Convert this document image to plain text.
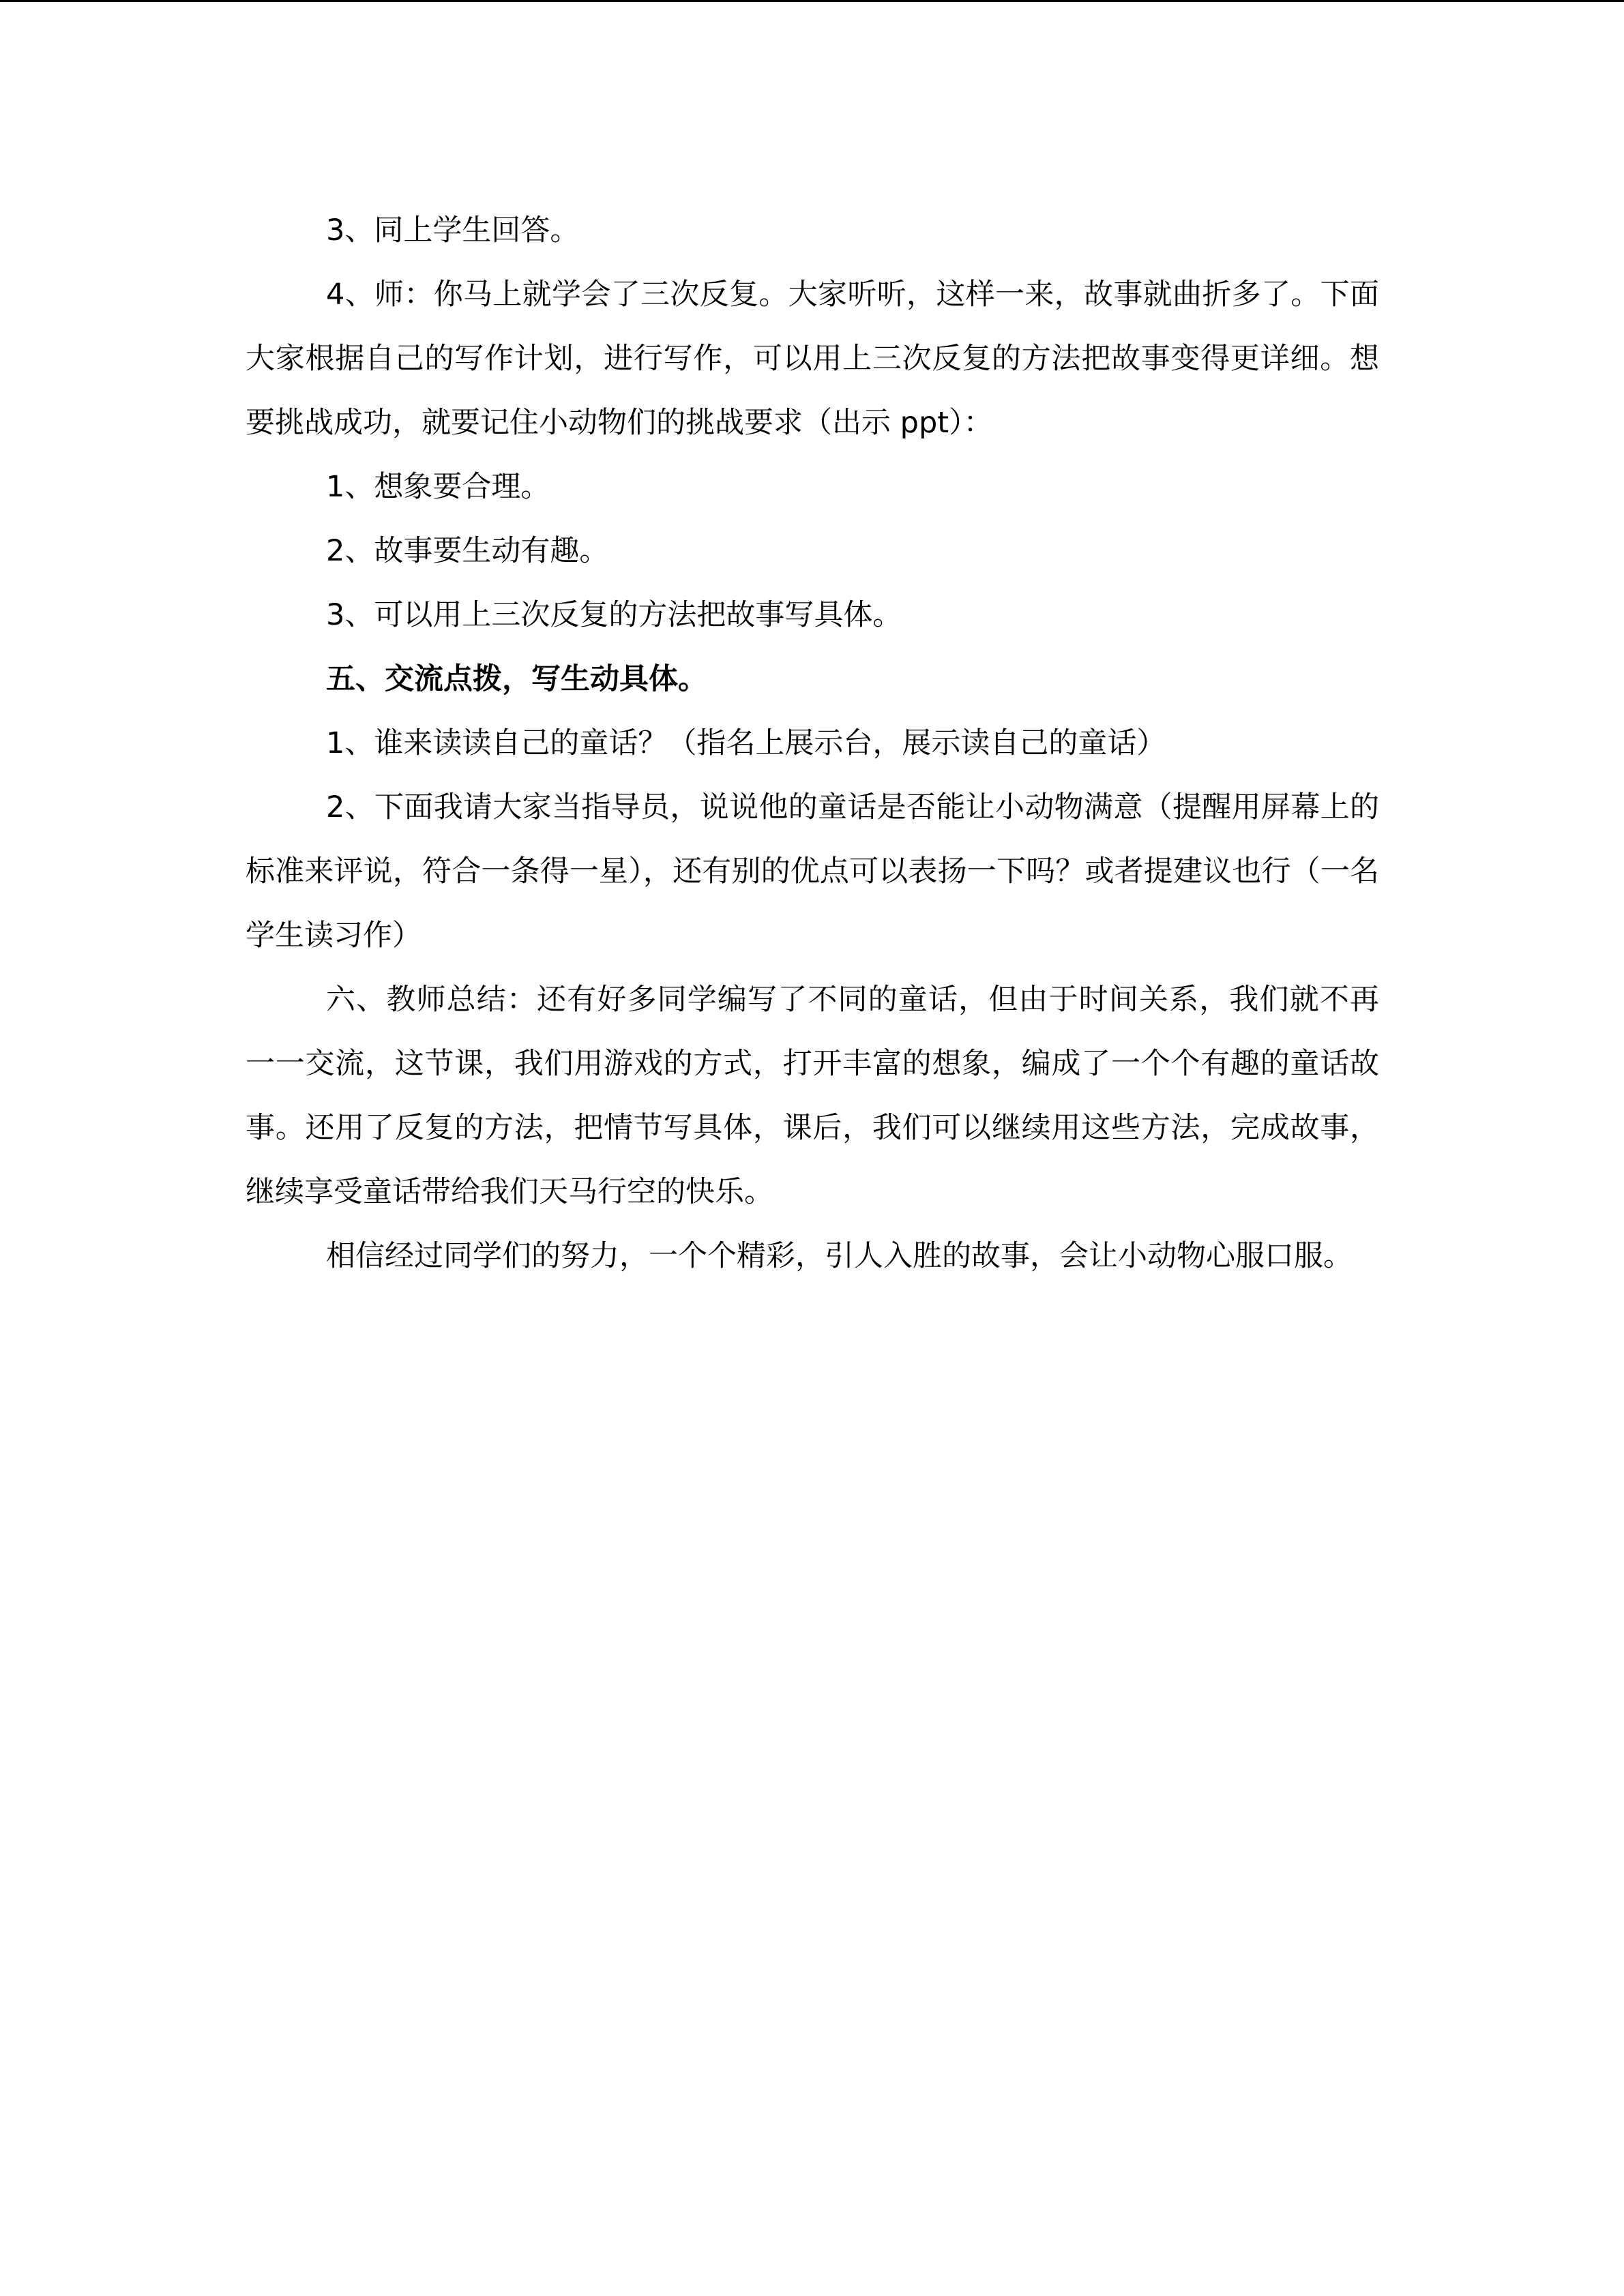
3、同上学生回答。

4、师：你马上就学会了三次反复。大家听听，这样一来，故事就曲折多了。下面大家根据自己的写作计划，进行写作，可以用上三次反复的方法把故事变得更详细。想要挑战成功，就要记住小动物们的挑战要求（出示 ppt）：

1、想象要合理。

2、故事要生动有趣。

3、可以用上三次反复的方法把故事写具体。

五、交流点拨，写生动具体。

1、谁来读读自己的童话？（指名上展示台，展示读自己的童话）

2、下面我请大家当指导员，说说他的童话是否能让小动物满意（提醒用屏幕上的标准来评说，符合一条得一星），还有别的优点可以表扬一下吗？或者提建议也行（一名学生读习作）

六、教师总结：还有好多同学编写了不同的童话，但由于时间关系，我们就不再一一交流，这节课，我们用游戏的方式，打开丰富的想象，编成了一个个有趣的童话故事。还用了反复的方法，把情节写具体，课后，我们可以继续用这些方法，完成故事，继续享受童话带给我们天马行空的快乐。

相信经过同学们的努力，一个个精彩，引人入胜的故事，会让小动物心服口服。
